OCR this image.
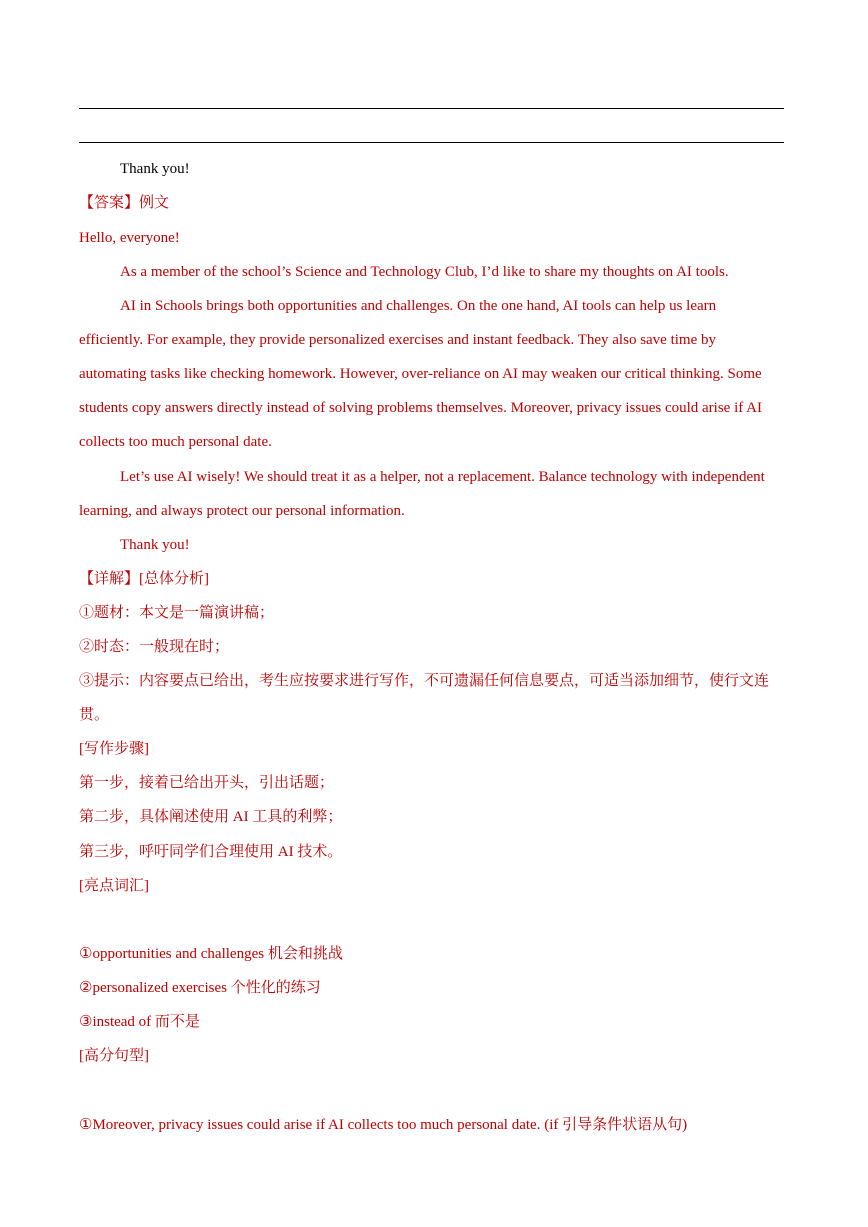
Thank you!
【答案】例文
Hello, everyone!
As a member of the school’s Science and Technology Club, I’d like to share my thoughts on AI tools.
AI in Schools brings both opportunities and challenges. On the one hand, AI tools can help us learn
efficiently. For example, they provide personalized exercises and instant feedback. They also save time by
automating tasks like checking homework. However, over-reliance on AI may weaken our critical thinking. Some
students copy answers directly instead of solving problems themselves. Moreover, privacy issues could arise if AI
collects too much personal date.
Let’s use AI wisely! We should treat it as a helper, not a replacement. Balance technology with independent
learning, and always protect our personal information.
Thank you!
【详解】[总体分析]
①题材：本文是一篇演讲稿；
②时态：一般现在时；
③提示：内容要点已给出，考生应按要求进行写作，不可遗漏任何信息要点，可适当添加细节，使行文连
贯。
[写作步骤]
第一步，接着已给出开头，引出话题；
第二步，具体阐述使用 AI 工具的利弊；
第三步，呼吁同学们合理使用 AI 技术。
[亮点词汇]
①opportunities and challenges 机会和挑战
②personalized exercises 个性化的练习
③instead of 而不是
[高分句型]
①Moreover, privacy issues could arise if AI collects too much personal date. (if 引导条件状语从句)
